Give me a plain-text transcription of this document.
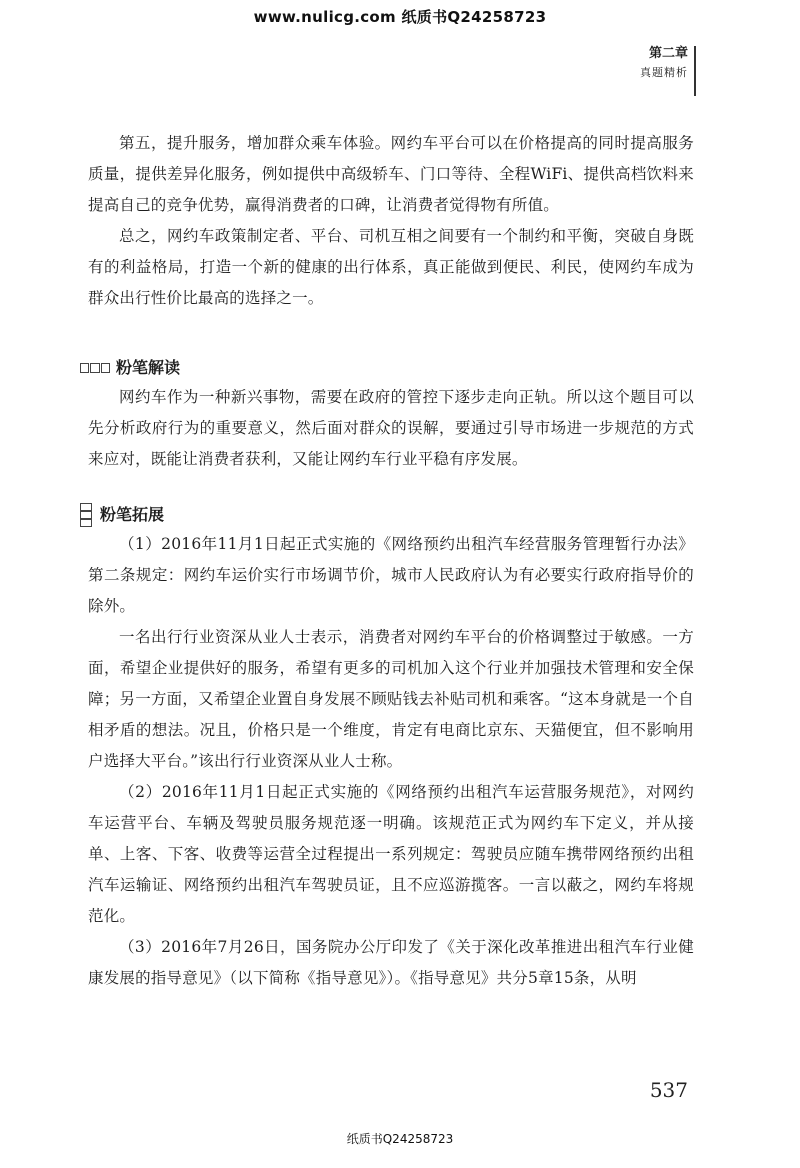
www.nulicg.com 纸质书Q24258723
第二章
真题精析

第五，提升服务，增加群众乘车体验。网约车平台可以在价格提高的同时提高服务质量，提供差异化服务，例如提供中高级轿车、门口等待、全程WiFi、提供高档饮料来提高自己的竞争优势，赢得消费者的口碑，让消费者觉得物有所值。

总之，网约车政策制定者、平台、司机互相之间要有一个制约和平衡，突破自身既有的利益格局，打造一个新的健康的出行体系，真正能做到便民、利民，使网约车成为群众出行性价比最高的选择之一。

粉笔解读

网约车作为一种新兴事物，需要在政府的管控下逐步走向正轨。所以这个题目可以先分析政府行为的重要意义，然后面对群众的误解，要通过引导市场进一步规范的方式来应对，既能让消费者获利，又能让网约车行业平稳有序发展。

粉笔拓展

（1）2016年11月1日起正式实施的《网络预约出租汽车经营服务管理暂行办法》第二条规定：网约车运价实行市场调节价，城市人民政府认为有必要实行政府指导价的除外。

一名出行行业资深从业人士表示，消费者对网约车平台的价格调整过于敏感。一方面，希望企业提供好的服务，希望有更多的司机加入这个行业并加强技术管理和安全保障；另一方面，又希望企业置自身发展不顾贴钱去补贴司机和乘客。“这本身就是一个自相矛盾的想法。况且，价格只是一个维度，肯定有电商比京东、天猫便宜，但不影响用户选择大平台。”该出行行业资深从业人士称。

（2）2016年11月1日起正式实施的《网络预约出租汽车运营服务规范》，对网约车运营平台、车辆及驾驶员服务规范逐一明确。该规范正式为网约车下定义，并从接单、上客、下客、收费等运营全过程提出一系列规定：驾驶员应随车携带网络预约出租汽车运输证、网络预约出租汽车驾驶员证，且不应巡游揽客。一言以蔽之，网约车将规范化。

（3）2016年7月26日，国务院办公厅印发了《关于深化改革推进出租汽车行业健康发展的指导意见》（以下简称《指导意见》）。《指导意见》共分5章15条，从明

537
纸质书Q24258723
